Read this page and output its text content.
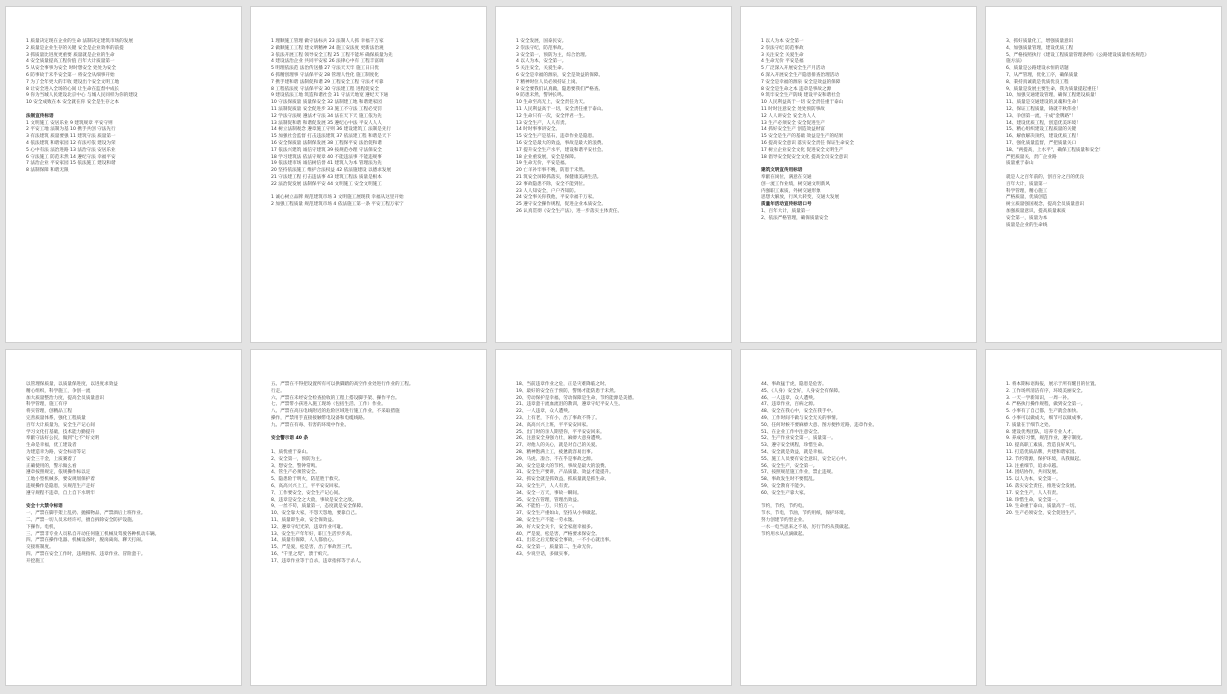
1 质量决定现在企业的生命 法制决定建筑市场的发展
2 质量是企业生存的关键 安全是企业效率的前提
3 抓质量比进度更重要 质量就是企业的生命
4 安全质量提高工程价值 百年大计质量第一
5 从安全事事为安全 时时想安全 处处为安全
6 防事故于未乎安全第一 将安全从细事开始
7 为了全年更大的丰收 建设出个安全文明工地
8 让安全进入全场的心间 让生命在监督中成长
9 你为当城人民建设北京中心 与城人民同样为你的建设
10 安全成败在本 安全就在你 安全是生存之本
法制宣传标语
1 文明施工 安居乐业 9 建筑规章 平安守则
2 平安工地 法制为基 10 携手共创 守法先行
3 有法建筑 质量要强 11 建筑守法 质量第一
4 依法建筑 和谐家园 12 有法可依 建设为荣
5 心中有法 法治进路 13 法治守法 安居乐业
6 守法施工 防范未然 14 遵纪守法 幸福平安
7 法治企业 平安家园 15 依法施工 建设和谐
8 法制保障 和谐无限
1 理顺施工管理 做守法标兵 23 法制人人抓 幸福千万家
2 做顺施工工程 建文明精神 24 施工安法度 更新法治观
3 依法开展工程 领导安全工程 25 工程不能坏 确保质量为先
4 建设法治企业 共同平安家 26 法律心中有 工程丰富调
5 明理依法范 法治传送播 27 守法天天牢 施工日日优
6 抓精创理事 守法保平安 28 管理人性化 施工制度化
7 携手建和谐 法制促和谐 29 工程安全工程 守法才可靠
8 工程依法度 守法保平安 30 守法建工程 进程促安全
9 建设依法工地 筑造和谐社会 31 守法天地宽 遵纪天下通
10 守法保质量 质量保安全 32 法制建工地 和谐建家园
11 法制促质量 安全促进步 33 施工不守法 工程必受罚
12 学法守法规 遵法才守法 34 法在天下天 施工依为先
13 法制促和谐 和谐促发展 35 遵纪心中法 平安人人人
14 树立法制观念 遵章施工守则 36 建设建筑工 法制是先行
15 加强社会监督 打击违法建筑 37 依法建工程 和谐是天下
16 安全保质量 法制保发展 38 工程保平安 法治促和谐
17 依法兴建筑 诚信守建筑 39 按规范办理 守法保安全
18 学习建筑法 依法守规章 40 不能违法事 不能违规事
19 依法建市场 诚信树信誉 41 建筑人为本 管理法为先
20 坚持依法施工 维护合法权益 42 依法施建设 以德求发展
21 守法建工程 打击违法事 43 建筑工程法 质量是根本
22 法治促发展 法制保平安 44 文明施工 安全文明施工
1 诚心树立品牌 规范建筑市场 3 文明施工展现我 幸福从这里开始
2 加强工程质量 规范建筑市场 4 依法施工第一条 平安工程万家宁
1 安全发展，国泰民安。
2 崇法守纪，防范事故。
3 安全第一，预防为主，综合治理。
4 以人为本，安全第一。
5 关注安全，关爱生命。
6 安全是幸福的源泉，安全是效益的保障。
7 精神时位人员必须持证上岗。
8 安全要我们认真做，隐患要我们严格查。
9 防患未然，警钟长鸣。
10 生命至高无上，安全责任为天。
11 人民利益高于一切，安全责任重于泰山。
12 生命只有一次，安全伴君一生。
13 安全生产，人人有责。
14 时时事事讲安全。
15 安全生产是基石，违章作业是隐患。
16 安全是最大的效益，事故是最大的浪费。
17 提升安全生产水平，建设和谐平安社会。
18 企业重发展，安全是保障。
19 生命无价，平安是福。
20 亡羊补牢事不晚，防患于未然。
21 筑安全屏障抓落实，保健康美满生活。
22 事故隐患不除，安全不能到位。
23 人人知安全，户户齐知防。
24 安全事关你我他，平安幸福千万家。
25 遵守安全操作规程，促进企业本质安全。
26 认真贯彻《安全生产法》，进一步落实主体责任。
1 以人为本 安全第一
2 崇法守纪 防范事故
3 关注安全 关爱生命
4 生命无价 平安是福
5 广泛深入开展安全生产月活动
6 深入开展安全生产隐患排查治理活动
7 安全是幸福的源泉 安全是效益的保障
8 安全是生命之本 违章是事故之源
9 筑牢安全生产防线 建设平安和谐社会
10 人民利益高于一切 安全责任重于泰山
11 时时注意安全 处处预防事故
12 人人讲安全 安全为人人
13 生产必须安全 安全促进生产
14 抓好安全生产 创造效益财富
15 安全是生产的基础 效益是生产的结果
16 提高安全意识 落实安全责任 保证生命安全
17 树立企业安全文化 促进安全文明生产
18 倡导安全促安全文化 提高全员安全意识
建筑文明宣传用标语
奉献在岗位，满意在交通
创一流工作业绩，树交通文明新风
内强职工素质，外树交通形象
思想大解放，行风大转变，交通大发展
质量年活动宣传标语口号
1、百年大计，质量第一
2、依法严格管理，确保质量安全
3、抓好质量化工，增强质量意识
4、加强质量管理，建设优质工程
5、严格按照执行《建设工程质量管理条例》《公路建设质量检查规范》
施方法》
6、质量是公路建设永恒的话题
7、从严管理，优化工序，确保质量
8、秉持真诚就是优质优良工程
9、质量是发展主要生命，我为质量提起重任！
10、加强交通建设管理，确保工程建设质量！
11、质量是交通建设的灵魂和生命！
12、保证工程质量，铸就千秋伟业！
13、争创第一流，干成"金牌路"！
14、建设优质工程，创造优美环境！
15、精心组织建设工程质量的关键
16、解放解决顶约，建设优质工程！
17、强化质量监督，严把质量关口
18、"两提高，上水平"，确保工程质量和安全！
严把质量关，责广企业路
质量重于泰山
就是人之百年前的，创百分之百的优良
百年大计，质量第一
科学管理，精心施工
严格质量，优质创造
树立质量强国观念，提高全员质量意识
加强质量意识，提高质量素质
安全第一，质量为本
质量是企业的生命线
以管理保质量，以质量保进度，以进度求效益
精心组织，科学施工，争创一流
加大质量整治力度，提高全员质量意识
科学管理，施工有序
将实管理，创精品工程
完善质量体系，强化工程质量
百年大计质量为，安全生产记心间
学习文化打基础，技术能力勤提升
奉献守法好公民，做到"七不"好文明
生命是幸福，优工建设者
为建造幸为路，安全标语等记
安全三千金，上质赛着了
正确使用的，警示做么看
遵章按照规定，依规操作标以定
工地小型机械多，要安规划保护着
违规操作是隐患，实规范生产走好
遵守规程不违章，自上自下水明牢
安全十大禁令标语
一、严禁在脚手架上乱扔、抛掷物品，严禁酒后上班作业。
二、严禁一切人员未经许可，擅自拆除安全防护设施。
下操作。电机，
三、严禁非专业人员私自开动任何施工机械及驾驶各种机动车辆。
四、严禁在操作电器、机械设备时，脱岗离岗、聊天打闹。
交接班制度。
四、严禁在安全工作时，违规指挥、违章作业、冒险蛮干。
开挖施工
五、严禁在不得把设置所有可以供脚踏的高空作业处进行作业的工程。
行走。
六、严禁在未经安全检查验收的工程上搭设脚手架、操作平台。
七、严禁带小孩进入施工现场（包括生活、工作）作业。
八、严禁在高压电线附近的危险区域进行施工作业，不采取措施
操作，严禁用手直接接触带电设备和电缆线路。
九、严禁在有毒、有害的环境中作业。
安全警示语 40 条
1、质忧重于泰山。
2、安全第一，预防为主。
3、想安全，警钟常鸣。
4、管生产必须管安全。
5、隐患险于明火，防范胜于救灾。
6、高高兴兴上工，平平安安回家。
7、工作要安全，安全生产记心间。
8、违章是安全之大敌，事故是安全之敌。
9、一丝不苟，质量第一，态度就是安全保障。
10、安全靠大家，不怨天怨地，要靠自己。
11、质量即生命，安全保效益。
12、遵章守纪光荣，违章作业可耻。
13、安全生产年年好，职工生活步步高。
14、质量有保障，人人都放心。
15、严是爱，松是害，出了事故害三代。
16、"千里之堤"，溃于蚁穴。
17、违章作业等于自杀，违章指挥等于杀人。
18、当前违章作业之危，正是灾难降临之时。
19、最好的安全在于预防，警惕才能防患于未然。
20、劳动保护是幸福，劳动保障是生命，节约能源是美德。
21、违章蛮干流血流泪的教训，遵章守纪平安人生。
22、一人违章，众人遭殃。
23、上有老，下有小，出了事故不得了。
24、高高兴兴上班，平平安安回家。
25、出门时的亲人期望你，平平安安回来。
26、注意安全身强力壮，麻痹大意身遭殃。
27、对他人的关心，就是对自己的关爱。
28、精神饱满上工，疲惫就容易出事。
29、马虎、凑合、不在乎是事故之源。
30、安全是最大的节约，事故是最大的浪费。
31、安全生产要讲，产品质量、效益才能提升。
32、抓安全就是抓效益，抓质量就是抓生命。
33、安全生产，人人有责。
34、安全一万天，事故一瞬间。
35、安全在管理，管理出效益。
36、不能怕一万，只怕万一。
37、安全生产重如山，坚持从小事做起。
38、安全生产不能一劳永逸。
39、好大安全关卡，安全家庭幸福多。
40、严是爱，松是害，严格要求保安全。
41、出差之后无数安全事故，一不小心就出事。
42、安全第一，质量第二，生命无价。
43、少说空话，多做实事。
44、事故猛于虎，隐患是危害。
45、《人身》安全好，人身安全有保障。
46、一人违章，众人遭殃。
47、违章作业，百病之源。
48、安全在我心中，安全在我手中。
49、工作时间不做与安全无关的事情。
50、任何时候不要麻痹大意、图方便抄近路，违章作业。
51、在企业工作中注意安全。
52、生产作业安全第一，质量第一。
53、遵守安全规程，珍惜生命。
54、安全就是效益，就是幸福。
55、施工人员要有安全意识，安全记心中。
56、安全生产，安全第一。
57、按照规范施工作业，禁止违规。
58、事故发生时不要慌乱。
59、安全教育不能少。
60、安全生产靠大家。
节约，节约，节约电。
节水，节电，节油，节约用纸，保护环境。
努力创建节约型企业。
一水一电当思来之不易，厉行节约从我做起。
节约用水从点滴做起。
1. 将本期标语海报，展示于所有醒目的位置。
2. 工作场所清洁有序，环境美丽安全。
3. 一天一学新知识，一周一补。
4. 严格执行操作规程，做到安全第一。
5. 小事有了自己都，生产就会加快。
6. 小事可以做成大，细节可以做成事。
7. 质量在于细节之处。
8. 建设优秀团队，培养专业人才。
9. 养成好习惯，规范作业，遵守制度。
10. 提高职工素质，营造良好风气。
11. 打造优质品牌，共建和谐家园。
12. 节约资源，保护环境，从我做起。
13. 注重细节，追求卓越。
14. 团结协作，共同发展。
15. 以人为本，安全第一。
16. 落实安全责任，推进安全发展。
17. 安全生产，人人有责。
18. 珍惜生命，安全第一。
19. 生命重于泰山，质量高于一切。
20. 生产必须安全，安全促进生产。
